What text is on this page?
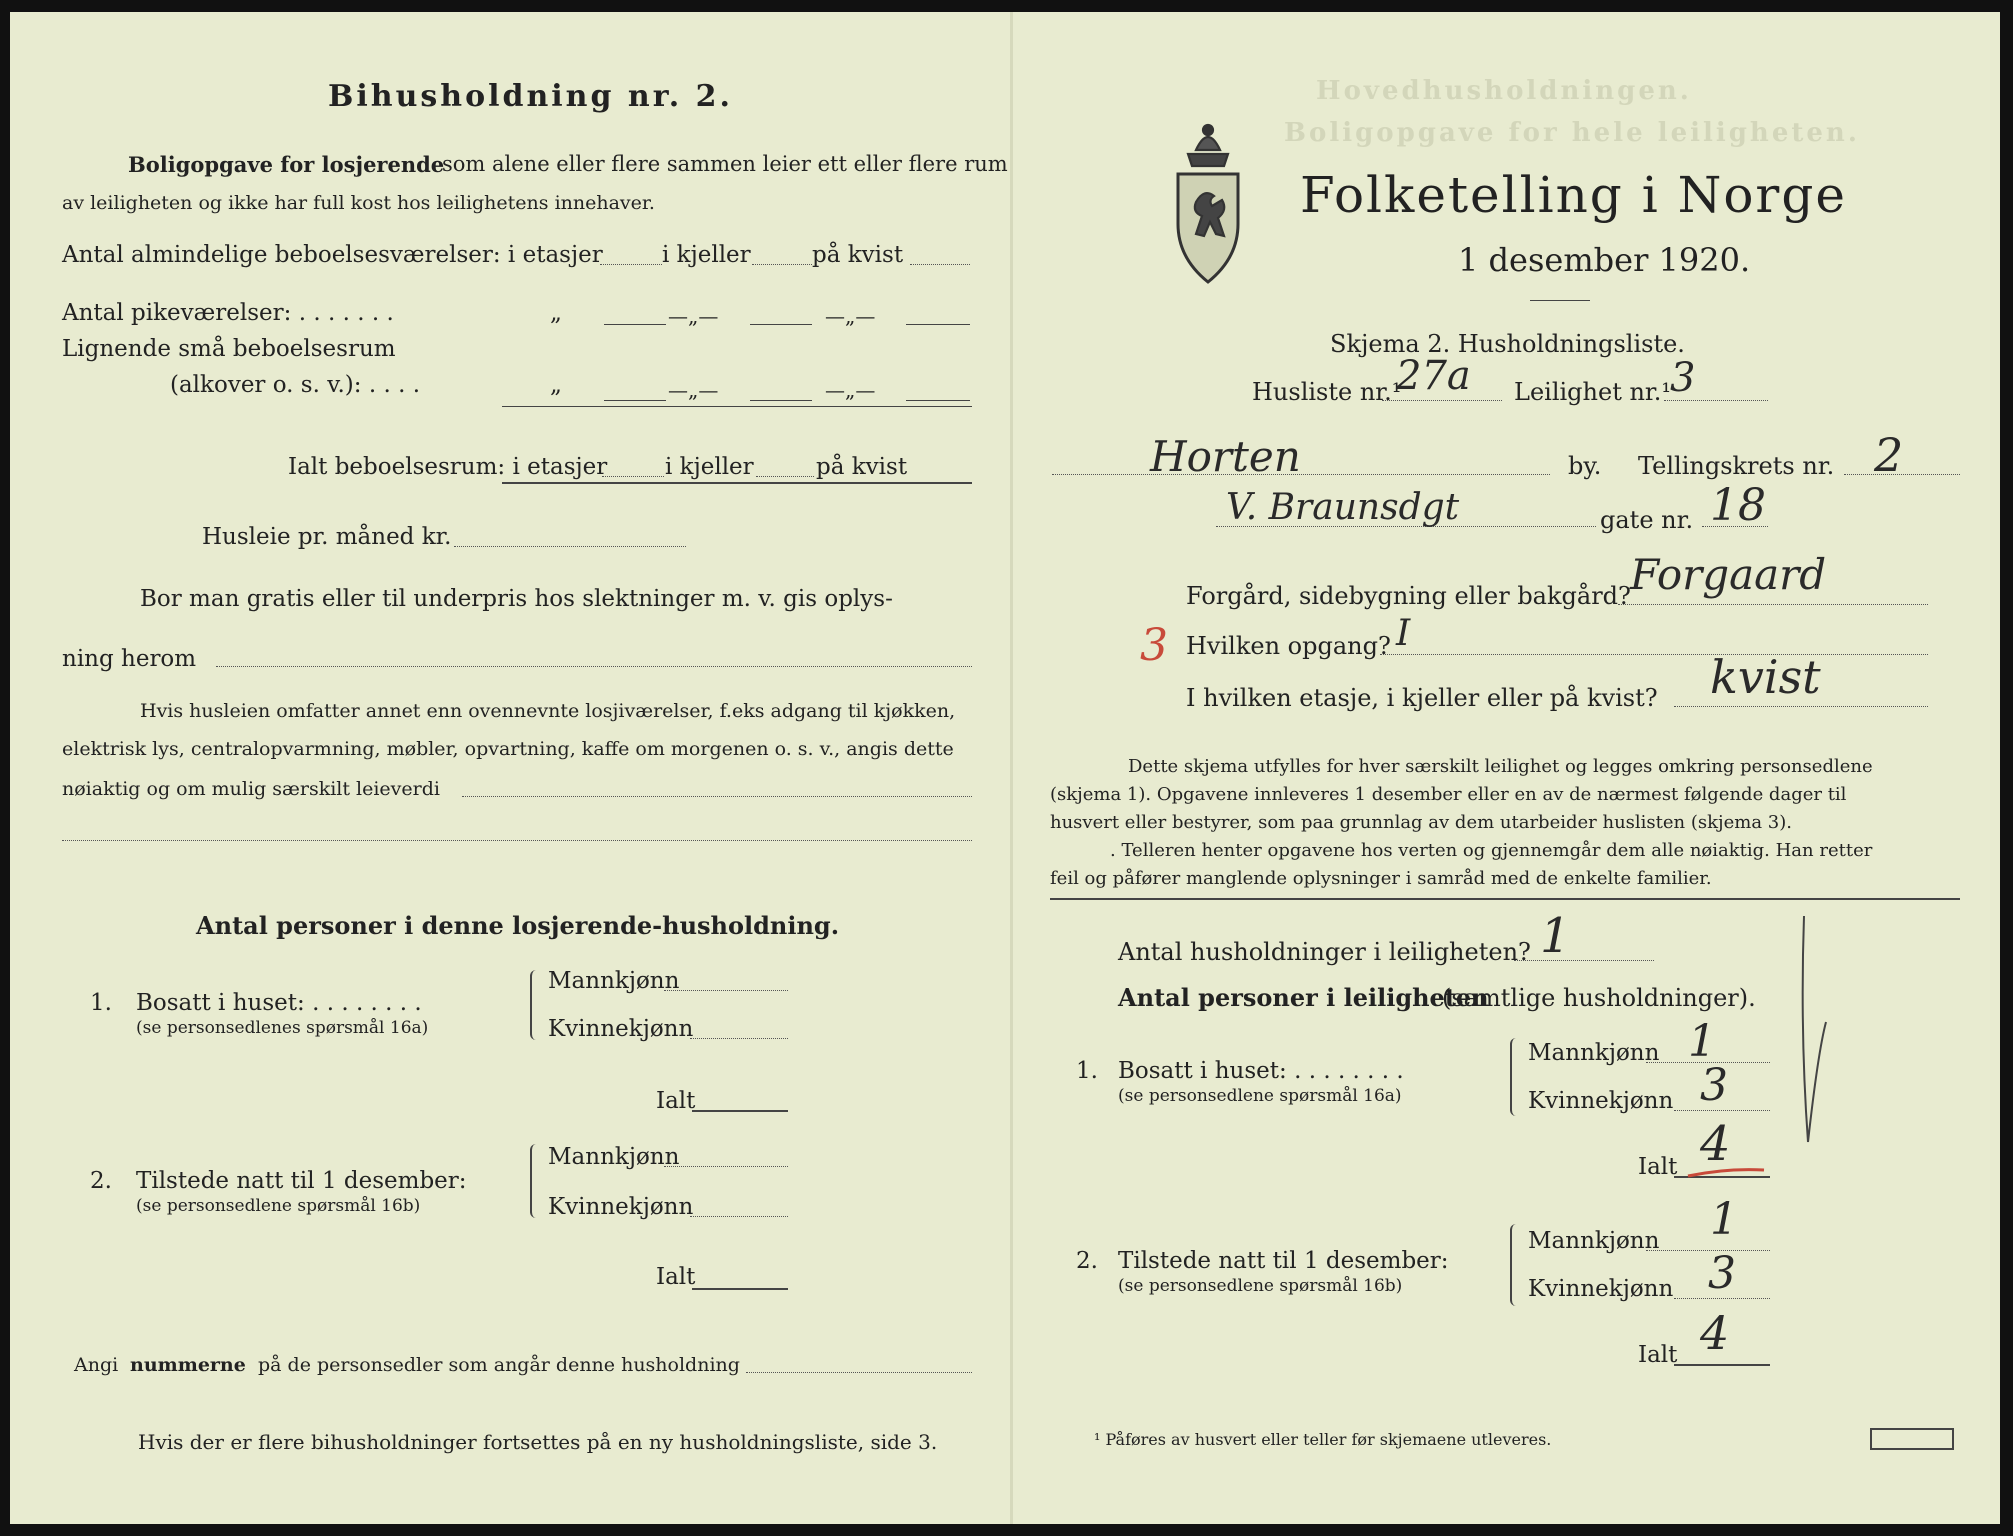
Bihusholdning nr. 2.
Boligopgave for losjerende
som alene eller flere sammen leier ett eller flere rum
av leiligheten og ikke har full kost hos leilighetens innehaver.
Antal almindelige beboelsesværelser: i etasjer	i kjeller	på kvist
Antal pikeværelser: . . . . . . .	„	—„—	—„—
Lignende små beboelsesrum
(alkover o. s. v.): . . . .	„	—„—	—„—
Ialt beboelsesrum: i etasjer	i kjeller	på kvist
Husleie pr. måned kr.
Bor man gratis eller til underpris hos slektninger m. v. gis oplys-
ning herom
Hvis husleien omfatter annet enn ovennevnte losjiværelser, f.eks adgang til kjøkken,
elektrisk lys, centralopvarmning, møbler, opvartning, kaffe om morgenen o. s. v., angis dette
nøiaktig og om mulig særskilt leieverdi
Antal personer i denne losjerende-husholdning.
1. Bosatt i huset: . . . . . . . .
(se personsedlenes spørsmål 16a)
Mannkjønn
Kvinnekjønn
Ialt
2. Tilstede natt til 1 desember:
(se personsedlene spørsmål 16b)
Mannkjønn
Kvinnekjønn
Ialt
Angi nummerne på de personsedler som angår denne husholdning
Hvis der er flere bihusholdninger fortsettes på en ny husholdningsliste, side 3.
Hovedhusholdningen.
Boligopgave for hele leiligheten.
Folketelling i Norge
1 desember 1920.
Skjema 2. Husholdningsliste.
Husliste nr.¹
27a Leilighet nr.¹
3
Horten	by. Tellingskrets nr. 2
V. Braunsdgt	gate nr. 18
Forgård, sidebygning eller bakgård? Forgaard
3 Hvilken opgang? I
I hvilken etasje, i kjeller eller på kvist? kvist
Dette skjema utfylles for hver særskilt leilighet og legges omkring personsedlene
(skjema 1). Opgavene innleveres 1 desember eller en av de nærmest følgende dager til
husvert eller bestyrer, som paa grunnlag av dem utarbeider huslisten (skjema 3).
. Telleren henter opgavene hos verten og gjennemgår dem alle nøiaktig. Han retter
feil og påfører manglende oplysninger i samråd med de enkelte familier.
Antal husholdninger i leiligheten? 1
Antal personer i leiligheten
(samtlige husholdninger).
1. Bosatt i huset: . . . . . . . .
(se personsedlene spørsmål 16a)
Mannkjønn 1
Kvinnekjønn 3
Ialt 4
2. Tilstede natt til 1 desember:
(se personsedlene spørsmål 16b)
Mannkjønn 1
Kvinnekjønn 3
Ialt 4
¹ Påføres av husvert eller teller før skjemaene utleveres.
